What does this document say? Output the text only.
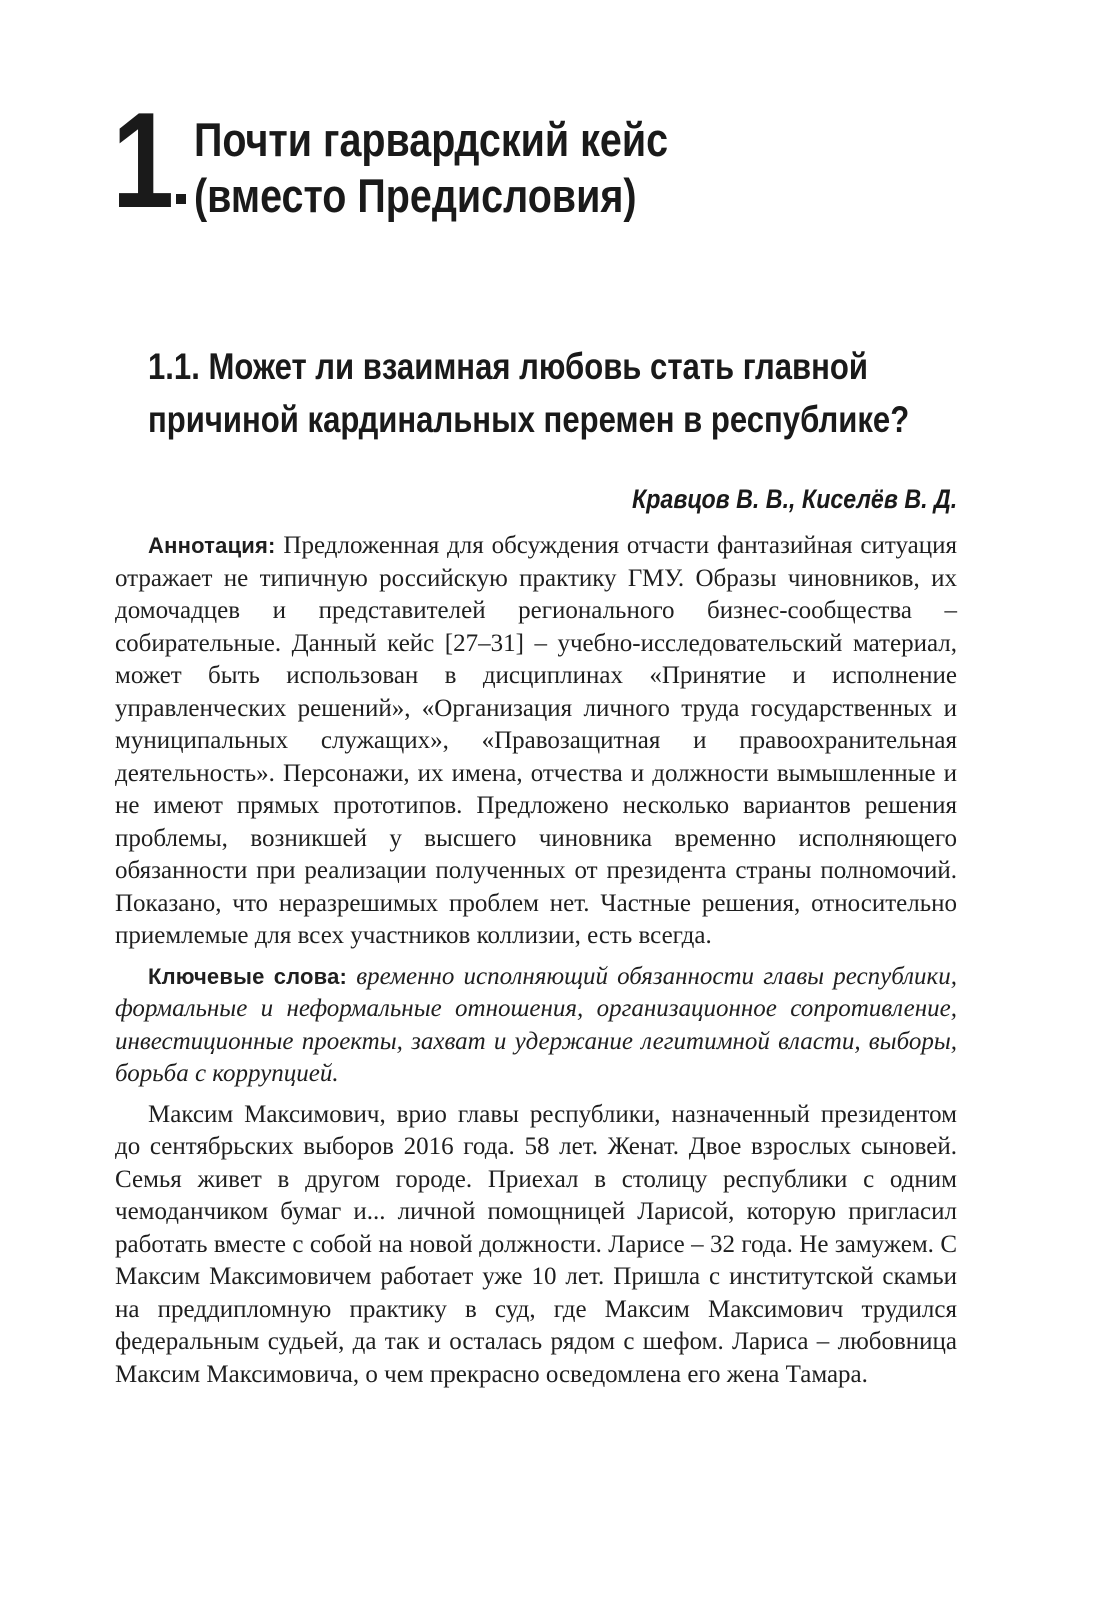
1 Почти гарвардский кейс
(вместо Предисловия)
1.1. Может ли взаимная любовь стать главной
причиной кардинальных перемен в республике?
Кравцов В. В., Киселёв В. Д.

Аннотация: Предложенная для обсуждения отчасти фантазийная ситуация отражает не типичную российскую практику ГМУ. Образы чиновников, их домочадцев и представителей регионального бизнес-сообщества – собирательные. Данный кейс [27–31] – учебно-исследовательский материал, может быть использован в дисциплинах «Принятие и исполнение управленческих решений», «Организация личного труда государственных и муниципальных служащих», «Правозащитная и правоохранительная деятельность». Персонажи, их имена, отчества и должности вымышленные и не имеют прямых прототипов. Предложено несколько вариантов решения проблемы, возникшей у высшего чиновника временно исполняющего обязанности при реализации полученных от президента страны полномочий. Показано, что неразрешимых проблем нет. Частные решения, относительно приемлемые для всех участников коллизии, есть всегда.

Ключевые слова: временно исполняющий обязанности главы республики, формальные и неформальные отношения, организационное сопротивление, инвестиционные проекты, захват и удержание легитимной власти, выборы, борьба с коррупцией.

Максим Максимович, врио главы республики, назначенный президентом до сентябрьских выборов 2016 года. 58 лет. Женат. Двое взрослых сыновей. Семья живет в другом городе. Приехал в столицу республики с одним чемоданчиком бумаг и... личной помощницей Ларисой, которую пригласил работать вместе с собой на новой должности. Ларисе – 32 года. Не замужем. С Максим Максимовичем работает уже 10 лет. Пришла с институтской скамьи на преддипломную практику в суд, где Максим Максимович трудился федеральным судьей, да так и осталась рядом с шефом. Лариса – любовница Максим Максимовича, о чем прекрасно осведомлена его жена Тамара.
